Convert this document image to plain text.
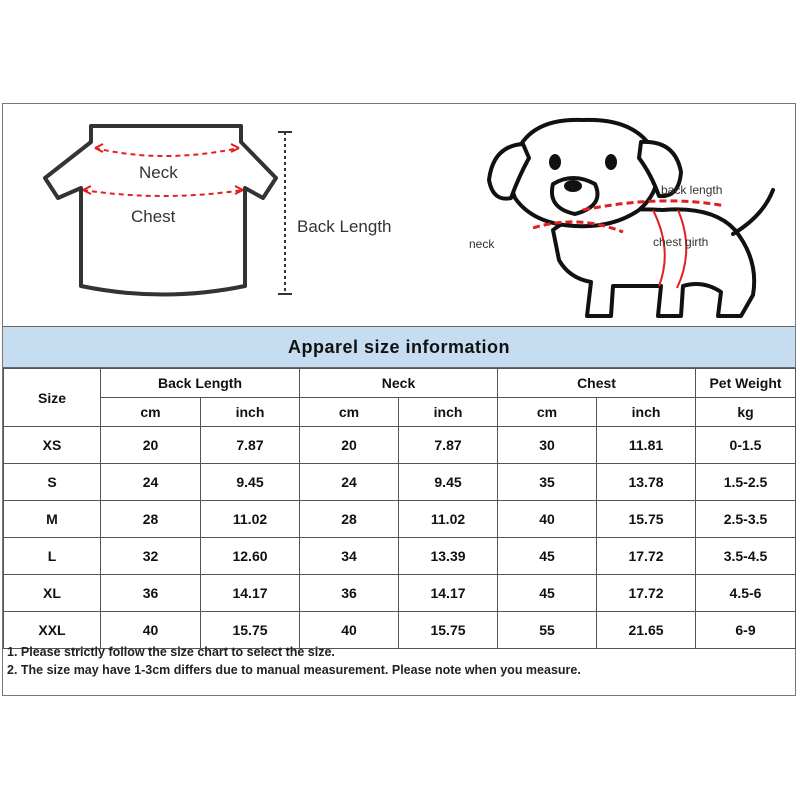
Neck
Chest
Back Length
back length
neck	chest girth
Apparel size information
Size	Back Length		Neck		Chest		Pet Weight
	cm	inch	cm	inch	cm	inch	kg
XS	20	7.87	20	7.87	30	11.81	0-1.5
S	24	9.45	24	9.45	35	13.78	1.5-2.5
M	28	11.02	28	11.02	40	15.75	2.5-3.5
L	32	12.60	34	13.39	45	17.72	3.5-4.5
XL	36	14.17	36	14.17	45	17.72	4.5-6
XXL	40	15.75	40	15.75	55	21.65	6-9
1. Please strictly follow the size chart to select the size.
2. The size may have 1-3cm differs due to manual measurement. Please note when you measure.
